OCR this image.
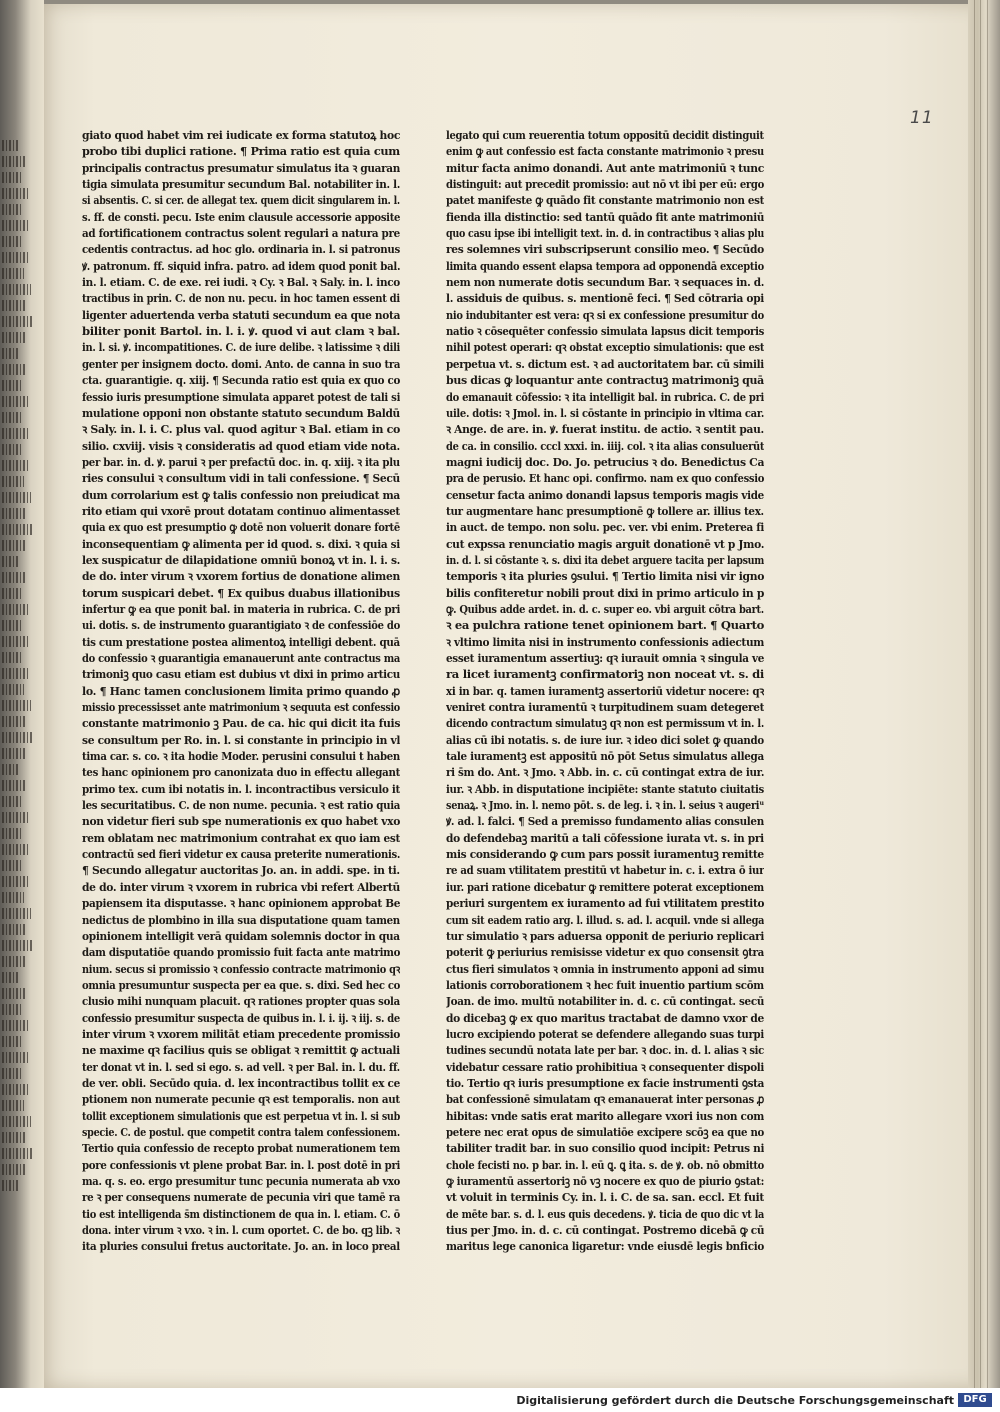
11
giato quod habet vim rei iudicate ex forma statutoꝝ hoc
probo tibi duplici ratione. ¶ Prima ratio est quia cum
principalis contractus presumatur simulatus ita ꝛ guaran
tigia simulata presumitur secundum Bal. notabiliter in. l.
si absentis. C. si cer. de allegat tex. quem dicit singularem in. l.
s. ff. de consti. pecu. Iste enim clausule accessorie apposite
ad fortificationem contractus solent regulari a natura pre
cedentis contractus. ad hoc glo. ordinaria in. l. si patronus
ꝟ. patronum. ff. siquid infra. patro. ad idem quod ponit bal.
in. l. etiam. C. de exe. rei iudi. ꝛ Cy. ꝛ Bal. ꝛ Saly. in. l. inco
tractibus in prin. C. de non nu. pecu. in hoc tamen essent di
ligenter aduertenda verba statuti secundum ea que nota
biliter ponit Bartol. in. l. i. ꝟ. quod vi aut clam ꝛ bal.
in. l. si. ꝟ. incompatitiones. C. de iure delibe. ꝛ latissime ꝛ dili
genter per insignem docto. domi. Anto. de canna in suo tra
cta. guarantigie. q. xiij. ¶ Secunda ratio est quia ex quo co
fessio iuris presumptione simulata apparet potest de tali si
mulatione opponi non obstante statuto secundum Baldū
ꝛ Saly. in. l. i. C. plus val. quod agitur ꝛ Bal. etiam in co
silio. cxviij. visis ꝛ consideratis ad quod etiam vide nota.
per bar. in. d. ꝟ. parui ꝛ per prefactū doc. in. q. xiij. ꝛ ita plu
ries consului ꝛ consultum vidi in tali confessione. ¶ Secū
dum corrolarium est ꝙ talis confessio non preiudicat ma
rito etiam qui vxorē prout dotatam continuo alimentasset
quia ex quo est presumptio ꝙ dotē non voluerit donare fortē
inconsequentiam ꝙ alimenta per id quod. s. dixi. ꝛ quia si
lex suspicatur de dilapidatione omniū bonoꝝ vt in. l. i. s.
de do. inter virum ꝛ vxorem fortius de donatione alimen
torum suspicari debet. ¶ Ex quibus duabus illationibus
infertur ꝙ ea que ponit bal. in materia in rubrica. C. de pri
ui. dotis. s. de instrumento guarantigiato ꝛ de confessiōe do
tis cum prestatione postea alimentoꝝ intelligi debent. quā
do confessio ꝛ guarantigia emanauerunt ante contractus ma
trimoniꝫ quo casu etiam est dubius vt dixi in primo articu
lo. ¶ Hanc tamen conclusionem limita primo quando ꝓ
missio precessisset ante matrimonium ꝛ sequuta est confessio
constante matrimonio ꝫ Pau. de ca. hic qui dicit ita fuis
se consultum per Ro. in. l. si constante in principio in vl
tima car. s. co. ꝛ ita hodie Moder. perusini consului t haben
tes hanc opinionem pro canonizata duo in effectu allegant
primo tex. cum ibi notatis in. l. incontractibus versiculo it
les securitatibus. C. de non nume. pecunia. ꝛ est ratio quia
non videtur fieri sub spe numerationis ex quo habet vxo
rem oblatam nec matrimonium contrahat ex quo iam est
contractū sed fieri videtur ex causa preterite numerationis.
¶ Secundo allegatur auctoritas Jo. an. in addi. spe. in ti.
de do. inter virum ꝛ vxorem in rubrica vbi refert Albertū
papiensem ita disputasse. ꝛ hanc opinionem approbat Be
nedictus de plombino in illa sua disputatione quam tamen
opinionem intelligit verā quidam solemnis doctor in qua
dam disputatiōe quando promissio fuit facta ante matrimo
nium. secus si promissio ꝛ confessio contracte matrimonio qꝛ
omnia presumuntur suspecta per ea que. s. dixi. Sed hec co
clusio mihi nunquam placuit. qꝛ rationes propter quas sola
confessio presumitur suspecta de quibus in. l. i. ij. ꝛ iij. s. de
inter virum ꝛ vxorem militāt etiam precedente promissio
ne maxime qꝛ facilius quis se obligat ꝛ remittit ꝙ actuali
ter donat vt in. l. sed si ego. s. ad vell. ꝛ per Bal. in. l. du. ff.
de ver. obli. Secūdo quia. d. lex incontractibus tollit ex ce
ptionem non numerate pecunie qꝛ est temporalis. non aut
tollit exceptionem simulationis que est perpetua vt in. l. si sub
specie. C. de postul. que competit contra talem confessionem.
Tertio quia confessio de recepto probat numerationem tem
pore confessionis vt plene probat Bar. in. l. post dotē in pri
ma. q. s. eo. ergo presumitur tunc pecunia numerata ab vxo
re ꝛ per consequens numerate de pecunia viri que tamē ra
tio est intelligenda s̄m distinctionem de qua in. l. etiam. C. ō
dona. inter virum ꝛ vxo. ꝛ in. l. cum oportet. C. de bo. qꝫ lib. ꝛ
ita pluries consului fretus auctoritate. Jo. an. in loco preal
legato qui cum reuerentia totum oppositū decidit distinguit
enim ꝙ aut confessio est facta constante matrimonio ꝛ presu
mitur facta animo donandi. Aut ante matrimoniū ꝛ tunc
distinguit: aut precedit promissio: aut nō vt ibi per eū: ergo
patet manifeste ꝙ quādo fit constante matrimonio non est
fienda illa distinctio: sed tantū quādo fit ante matrimoniū
quo casu ipse ibi intelligit text. in. d. in contractibus ꝛ alias plu
res solemnes viri subscripserunt consilio meo. ¶ Secūdo
limita quando essent elapsa tempora ad opponendā exceptio
nem non numerate dotis secundum Bar. ꝛ sequaces in. d.
l. assiduis de quibus. s. mentionē feci. ¶ Sed cōtraria opi
nio indubitanter est vera: qꝛ si ex confessione presumitur do
natio ꝛ cōsequēter confessio simulata lapsus dicit temporis
nihil potest operari: qꝛ obstat exceptio simulationis: que est
perpetua vt. s. dictum est. ꝛ ad auctoritatem bar. cū simili
bus dicas ꝙ loquantur ante contractuꝫ matrimoniꝫ quā
do emanauit cōfessio: ꝛ ita intelligit bal. in rubrica. C. de pri
uile. dotis: ꝛ Jmol. in. l. si cōstante in principio in vltima car.
ꝛ Ange. de are. in. ꝟ. fuerat institu. de actio. ꝛ sentit pau.
de ca. in consilio. cccl xxxi. in. iiij. col. ꝛ ita alias consuluerūt
magni iudicij doc. Do. Jo. petrucius ꝛ do. Benedictus Ca
pra de perusio. Et hanc opi. confirmo. nam ex quo confessio
censetur facta animo donandi lapsus temporis magis vide
tur augmentare hanc presumptionē ꝙ tollere ar. illius tex.
in auct. de tempo. non solu. pec. ver. vbi enim. Preterea fi
cut expssa renunciatio magis arguit donationē vt p Jmo.
in. d. l. si cōstante ꝛ. s. dixi ita debet arguere tacita per lapsum
temporis ꝛ ita pluries ꝯsului. ¶ Tertio limita nisi vir igno
bilis confiteretur nobili prout dixi in primo articulo in p
ꝙ. Quibus adde ardet. in. d. c. super eo. vbi arguit cōtra bart.
ꝛ ea pulchra ratione tenet opinionem bart. ¶ Quarto
ꝛ vltimo limita nisi in instrumento confessionis adiectum
esset iuramentum assertiuꝫ: qꝛ iurauit omnia ꝛ singula ve
ra licet iuramentꝫ confirmatoriꝫ non noceat vt. s. di
xi in bar. q. tamen iuramentꝫ assertoriū videtur nocere: qꝛ
veniret contra iuramentū ꝛ turpitudinem suam detegeret
dicendo contractum simulatuꝫ qꝛ non est permissum vt in. l.
alias cū ibi notatis. s. de iure iur. ꝛ ideo dici solet ꝙ quando
tale iuramentꝫ est appositū nō pōt Setus simulatus allega
ri s̄m do. Ant. ꝛ Jmo. ꝛ Abb. in. c. cū contingat extra de iur.
iur. ꝛ Abb. in disputatione incipiēte: stante statuto ciuitatis
senaꝝ. ꝛ Jmo. in. l. nemo pōt. s. de leg. i. ꝛ in. l. seius ꝛ augeriᵘ
ꝟ. ad. l. falci. ¶ Sed a premisso fundamento alias consulen
do defendebaꝫ maritū a tali cōfessione iurata vt. s. in pri
mis considerando ꝙ cum pars possit iuramentuꝫ remitte
re ad suam vtilitatem prestitū vt habetur in. c. i. extra ō iur
iur. pari ratione dicebatur ꝙ remittere poterat exceptionem
periuri surgentem ex iuramento ad fui vtilitatem prestito
cum sit eadem ratio arg. l. illud. s. ad. l. acquil. vnde si allega
tur simulatio ꝛ pars aduersa opponit de periurio replicari
poterit ꝙ periurius remisisse videtur ex quo consensit ꝯtra
ctus fieri simulatos ꝛ omnia in instrumento apponi ad simu
lationis corroborationem ꝛ hec fuit inuentio partium scōm
Joan. de imo. multū notabiliter in. d. c. cū contingat. secū
do dicebaꝫ ꝙ ex quo maritus tractabat de damno vxor de
lucro excipiendo poterat se defendere allegando suas turpi
tudines secundū notata late per bar. ꝛ doc. in. d. l. alias ꝛ sic
videbatur cessare ratio prohibitiua ꝛ consequenter dispoli
tio. Tertio qꝛ iuris presumptione ex facie instrumenti ꝯsta
bat confessionē simulatam qꝛ emanauerat inter personas ꝓ
hibitas: vnde satis erat marito allegare vxori ius non com
petere nec erat opus de simulatiōe excipere scōꝫ ea que no
tabiliter tradit bar. in suo consilio quod incipit: Petrus ni
chole fecisti no. p bar. in. l. eū ꝗ. ꝗ ita. s. de ꝟ. ob. nō obmitto
ꝙ iuramentū assertoriꝫ nō vꝫ nocere ex quo de piurio ꝯstat:
vt voluit in terminis Cy. in. l. i. C. de sa. san. eccl. Et fuit
de mēte bar. s. d. l. eus quis decedens. ꝟ. ticia de quo dic vt la
tius per Jmo. in. d. c. cū contingat. Postremo dicebā ꝙ cū
maritus lege canonica ligaretur: vnde eiusdē legis bnficio
Digitalisierung gefördert durch die Deutsche Forschungsgemeinschaft DFG
